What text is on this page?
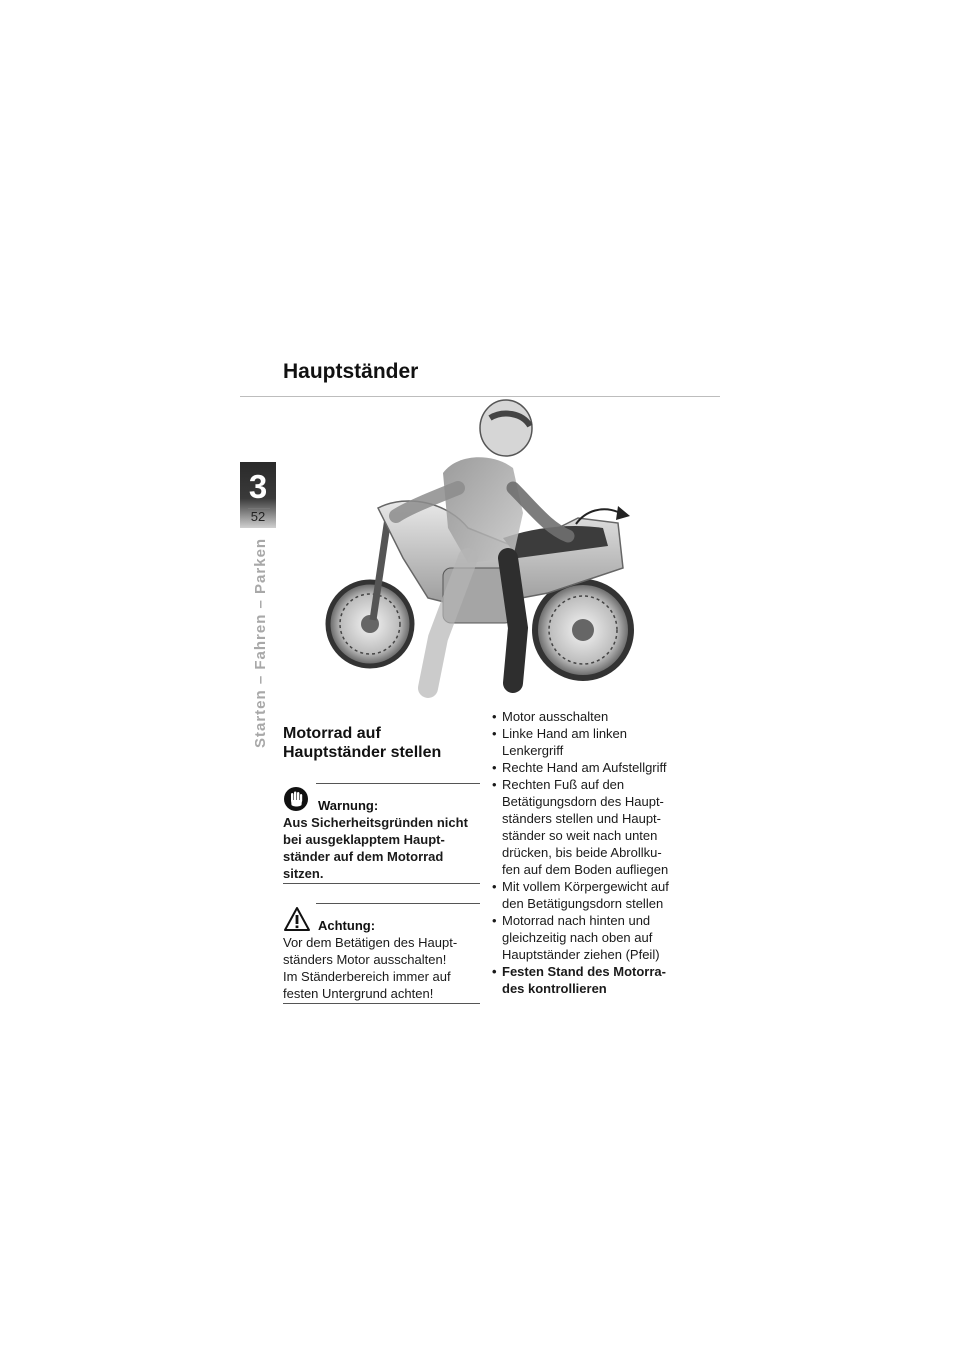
Hauptständer
3
52
Starten – Fahren – Parken Motorrad auf
Hauptständer stellen
Warnung:

Aus Sicherheitsgründen nicht

bei ausgeklapptem Haupt-

ständer auf dem Motorrad

sitzen.

Achtung:

Vor dem Betätigen des Haupt-

ständers Motor ausschalten!

Im Ständerbereich immer auf

festen Untergrund achten!

• Motor ausschalten
• Linke Hand am linken
Lenkergriff
• Rechte Hand am Aufstellgriff
• Rechten Fuß auf den
Betätigungsdorn des Haupt-
ständers stellen und Haupt-
ständer so weit nach unten
drücken, bis beide Abrollku-
fen auf dem Boden aufliegen
• Mit vollem Körpergewicht auf
den Betätigungsdorn stellen
• Motorrad nach hinten und
gleichzeitig nach oben auf
Hauptständer ziehen (Pfeil)
• Festen Stand des Motorra-
des kontrollieren
